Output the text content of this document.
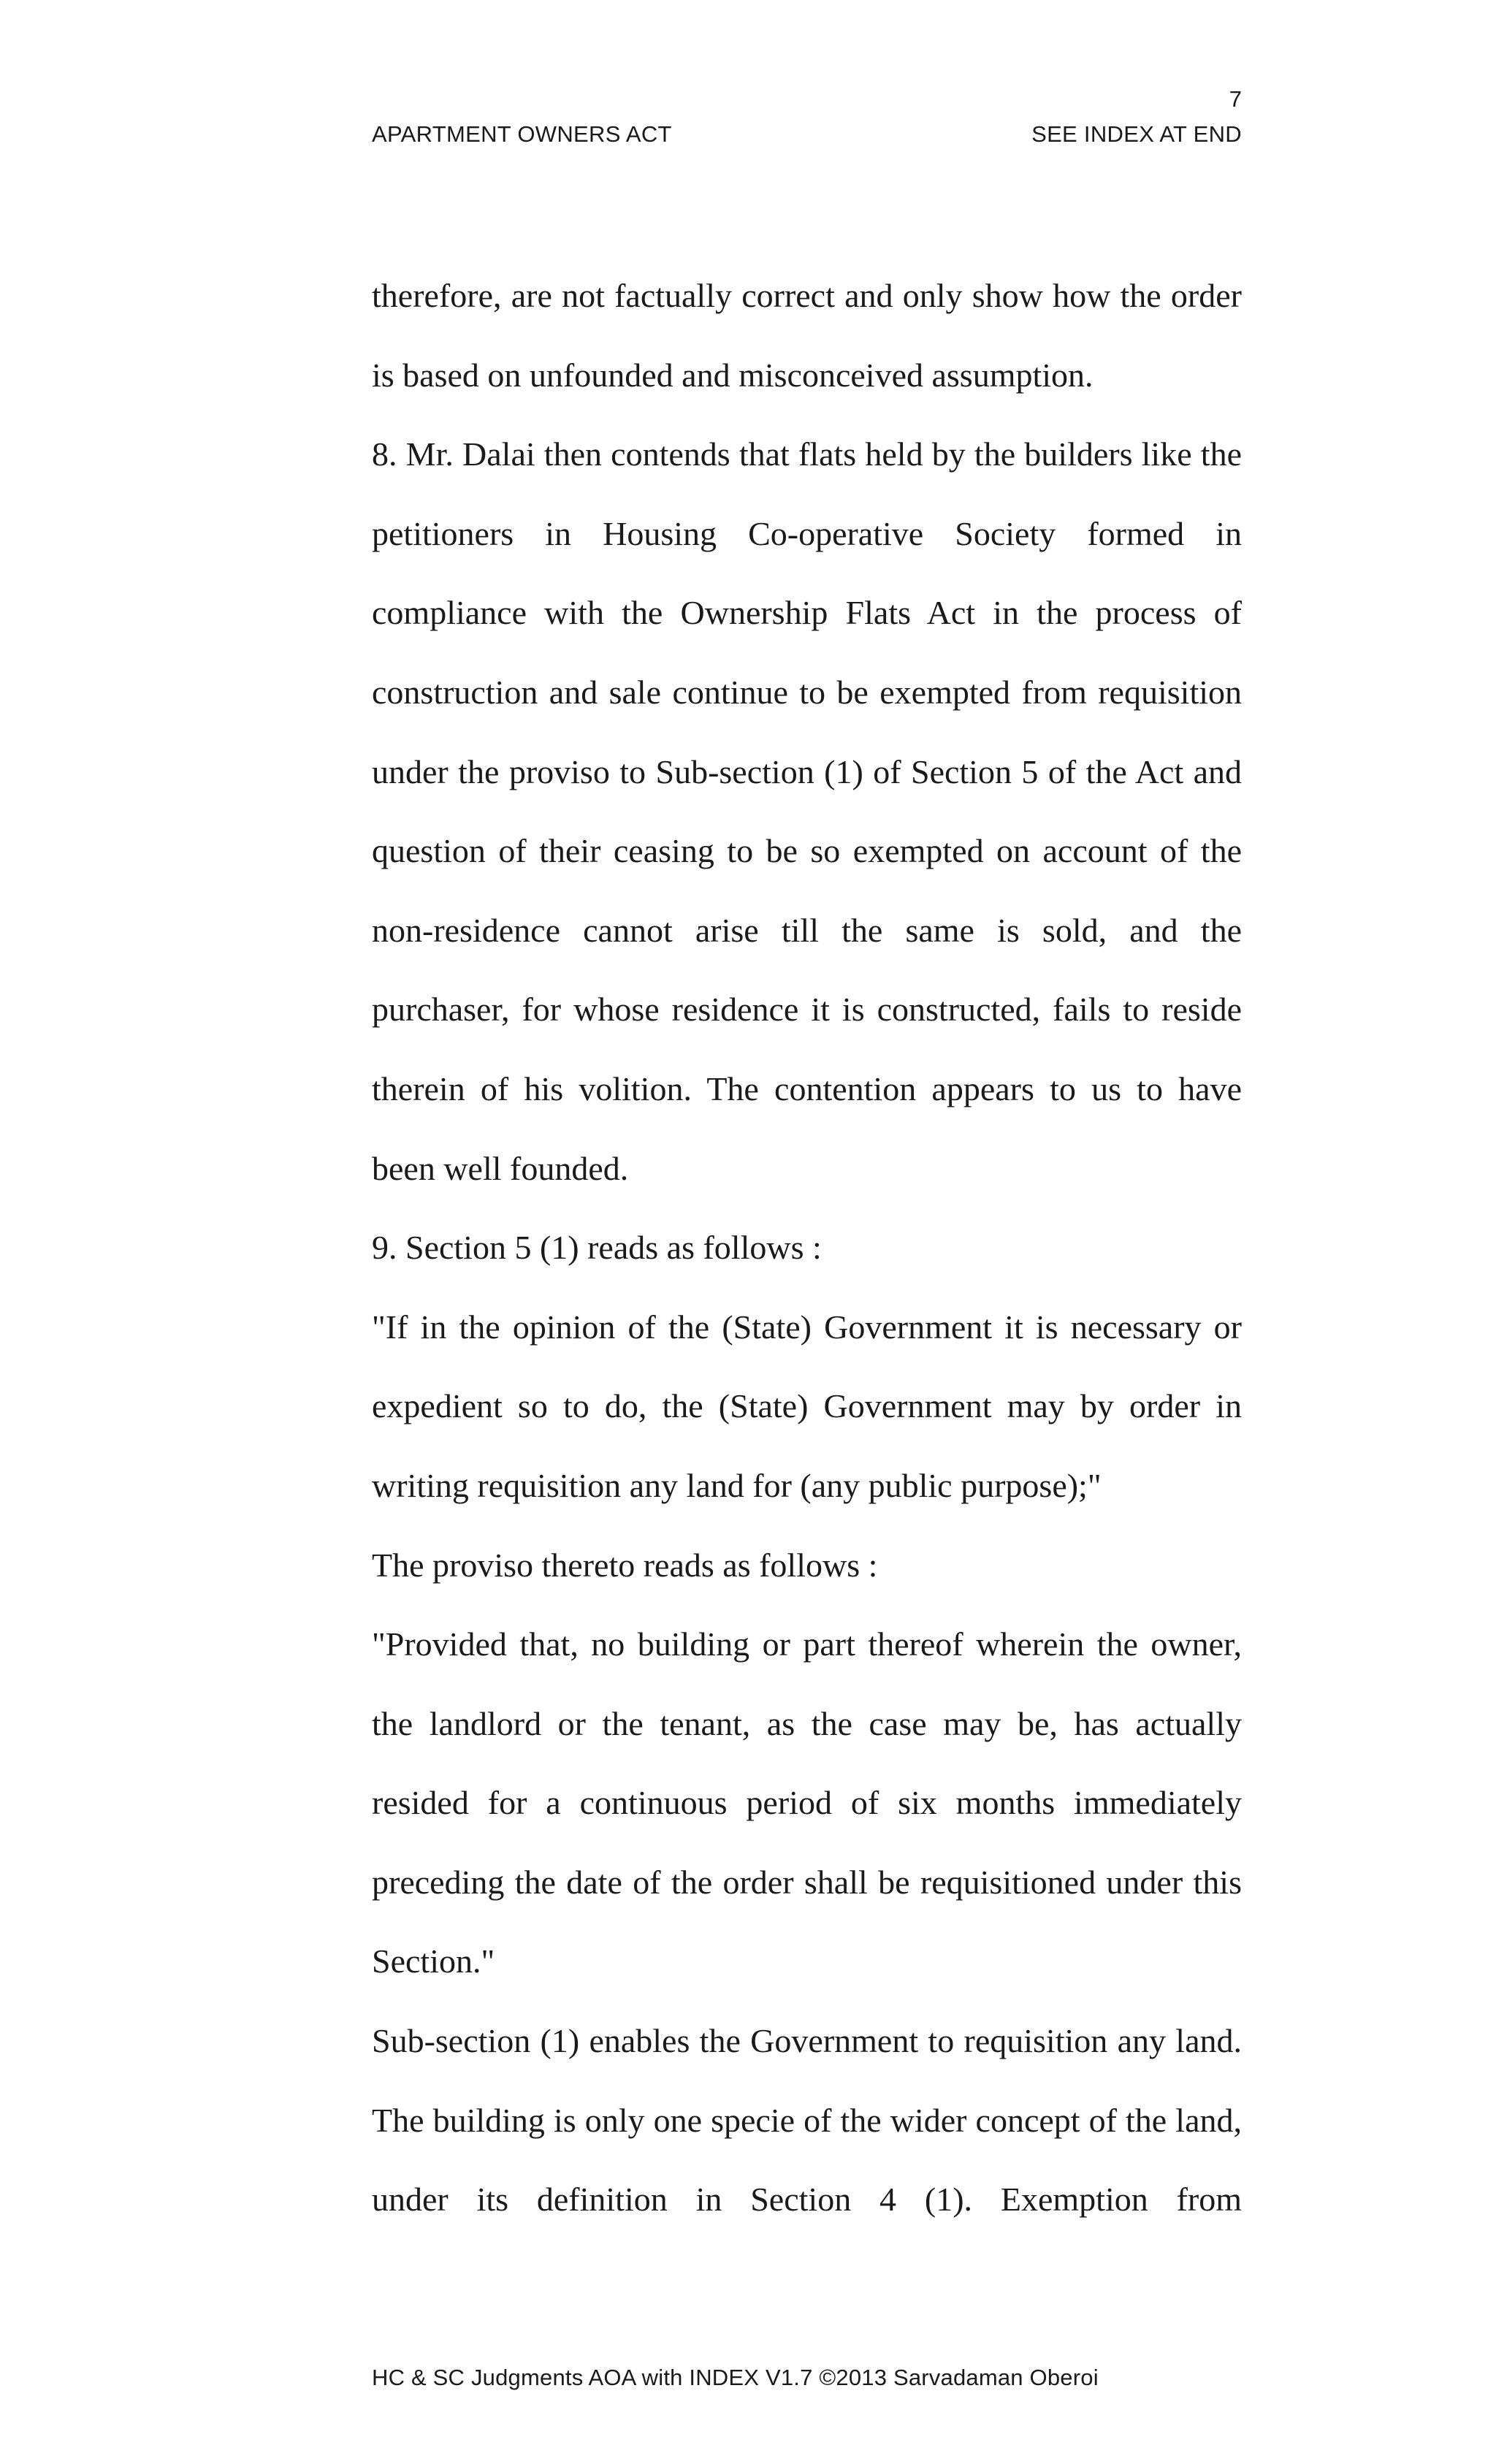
7
APARTMENT OWNERS ACT	SEE INDEX AT END

therefore, are not factually correct and only show how the order is based on unfounded and misconceived assumption.

8. Mr. Dalai then contends that flats held by the builders like the petitioners in Housing Co-operative Society formed in compliance with the Ownership Flats Act in the process of construction and sale continue to be exempted from requisition under the proviso to Sub-section (1) of Section 5 of the Act and question of their ceasing to be so exempted on account of the non-residence cannot arise till the same is sold, and the purchaser, for whose residence it is constructed, fails to reside therein of his volition. The contention appears to us to have been well founded.

9. Section 5 (1) reads as follows :

"If in the opinion of the (State) Government it is necessary or expedient so to do, the (State) Government may by order in writing requisition any land for (any public purpose);"

The proviso thereto reads as follows :

"Provided that, no building or part thereof wherein the owner, the landlord or the tenant, as the case may be, has actually resided for a continuous period of six months immediately preceding the date of the order shall be requisitioned under this Section."

Sub-section (1) enables the Government to requisition any land. The building is only one specie of the wider concept of the land, under its definition in Section 4 (1). Exemption from

HC & SC Judgments AOA with INDEX V1.7 ©2013 Sarvadaman Oberoi
